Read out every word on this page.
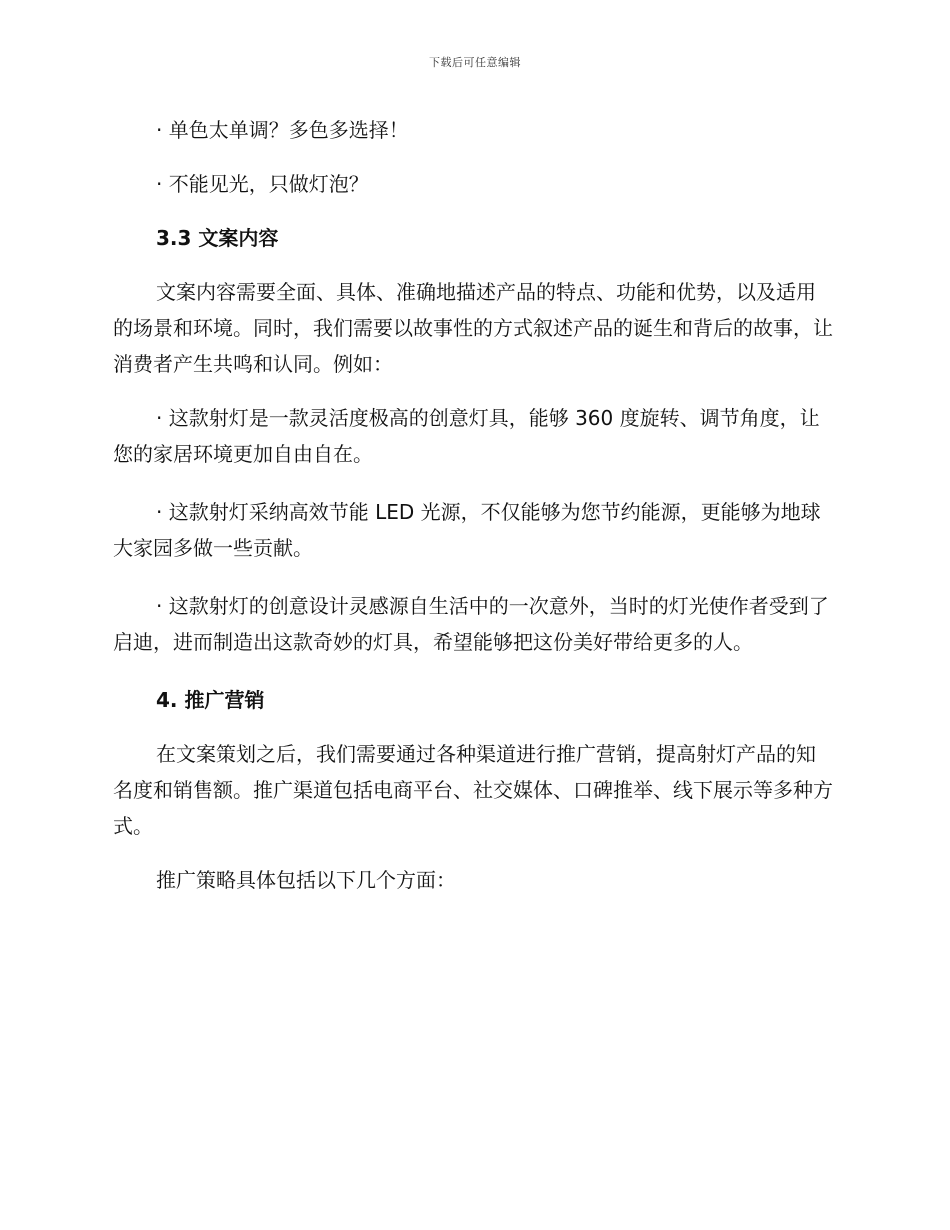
下载后可任意编辑

· 单色太单调？多色多选择！

· 不能见光，只做灯泡？

3.3 文案内容

文案内容需要全面、具体、准确地描述产品的特点、功能和优势，以及适用的场景和环境。同时，我们需要以故事性的方式叙述产品的诞生和背后的故事，让消费者产生共鸣和认同。例如：

· 这款射灯是一款灵活度极高的创意灯具，能够 360 度旋转、调节角度，让您的家居环境更加自由自在。

· 这款射灯采纳高效节能 LED 光源，不仅能够为您节约能源，更能够为地球大家园多做一些贡献。

· 这款射灯的创意设计灵感源自生活中的一次意外，当时的灯光使作者受到了启迪，进而制造出这款奇妙的灯具，希望能够把这份美好带给更多的人。

4. 推广营销

在文案策划之后，我们需要通过各种渠道进行推广营销，提高射灯产品的知名度和销售额。推广渠道包括电商平台、社交媒体、口碑推举、线下展示等多种方式。

推广策略具体包括以下几个方面：
